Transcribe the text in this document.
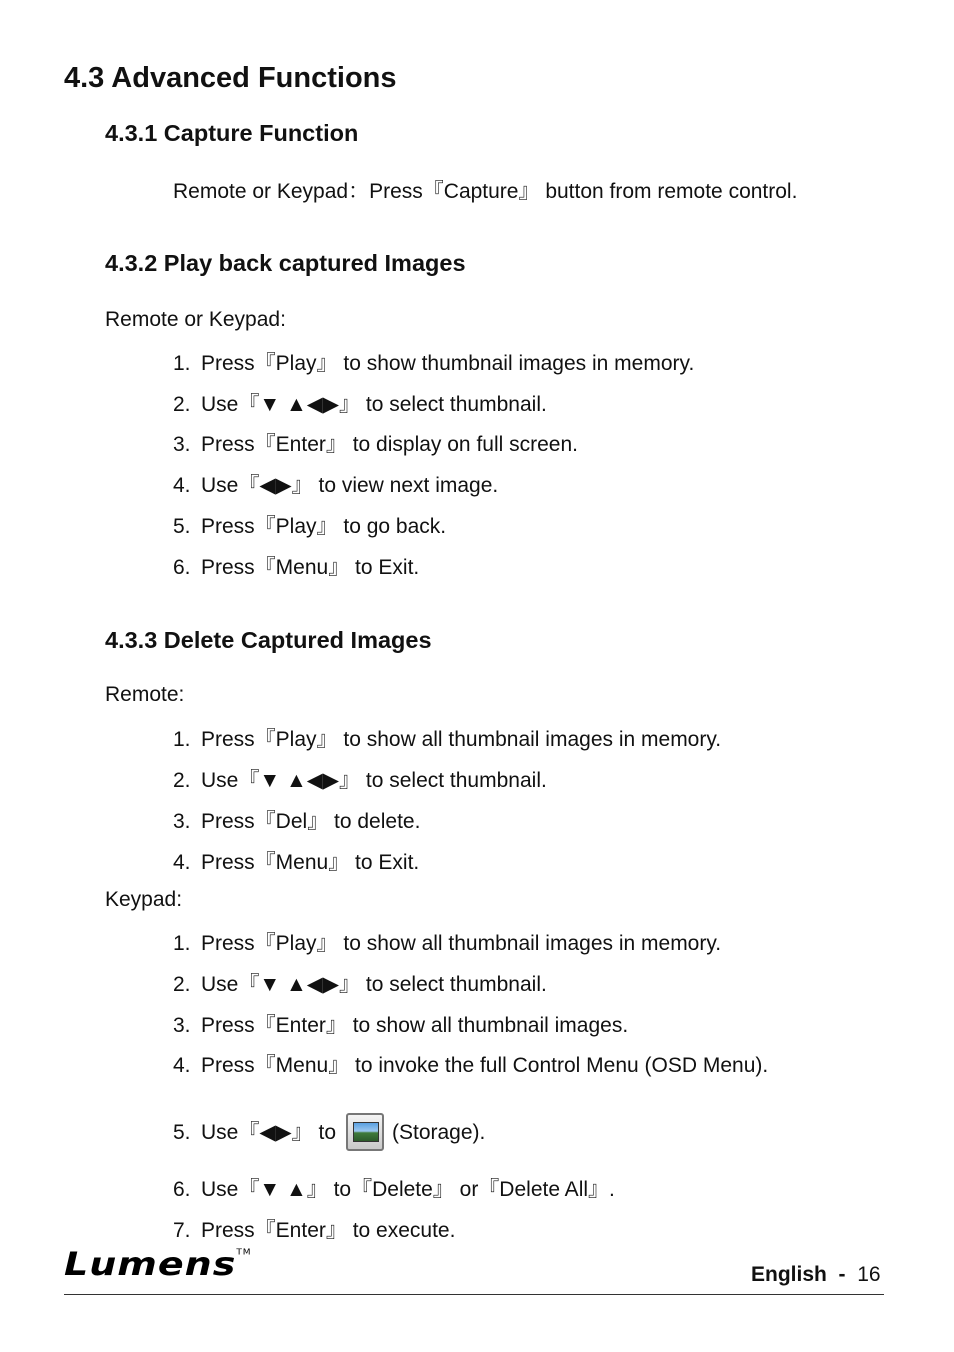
4.3 Advanced Functions
4.3.1 Capture Function
Remote or Keypad：Press『Capture』 button from remote control.
4.3.2 Play back captured Images
Remote or Keypad:
1. Press『Play』 to show thumbnail images in memory.
2. Use『▼ ▲◀▶』 to select thumbnail.
3. Press『Enter』 to display on full screen.
4. Use『◀▶』 to view next image.
5. Press『Play』 to go back.
6. Press『Menu』 to Exit.
4.3.3 Delete Captured Images
Remote:
1. Press『Play』 to show all thumbnail images in memory.
2. Use『▼ ▲◀▶』 to select thumbnail.
3. Press『Del』 to delete.
4. Press『Menu』 to Exit.
Keypad:
1. Press『Play』 to show all thumbnail images in memory.
2. Use『▼ ▲◀▶』 to select thumbnail.
3. Press『Enter』 to show all thumbnail images.
4. Press『Menu』 to invoke the full Control Menu (OSD Menu).
5. Use『◀▶』 to	(Storage).
6. Use『▼ ▲』 to『Delete』 or『Delete All』.
7. Press『Enter』 to execute.
Lumens™
English - 16
